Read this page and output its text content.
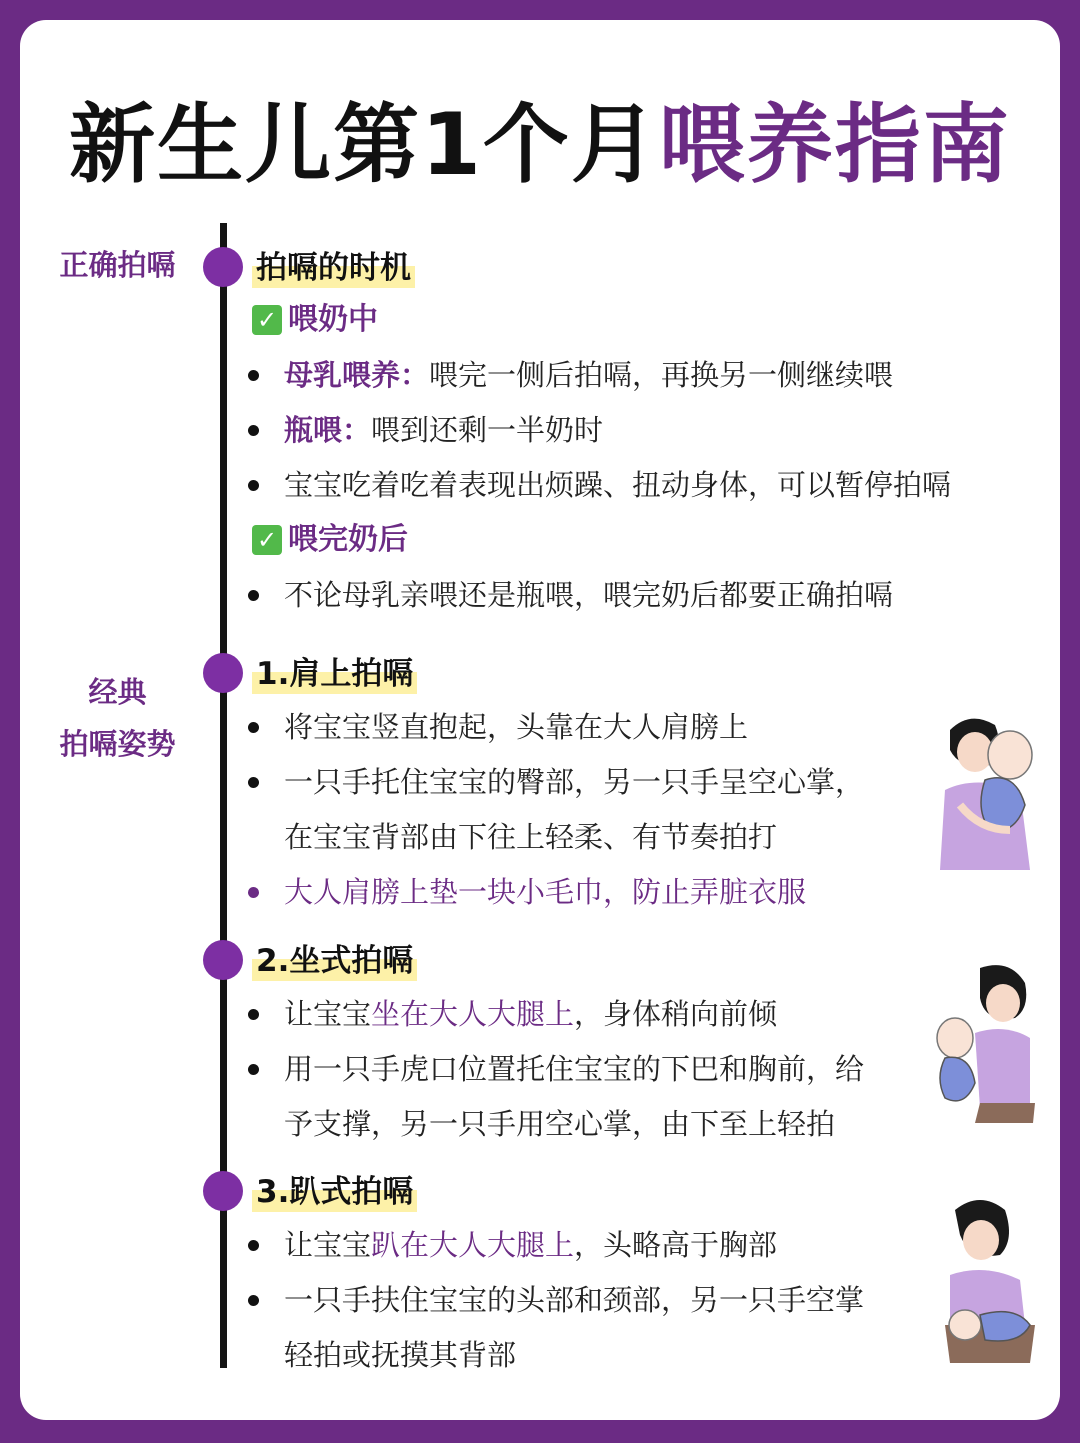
新生儿第1个月喂养指南
正确拍嗝
经典
拍嗝姿势
拍嗝的时机
✓ 喂奶中
母乳喂养：喂完一侧后拍嗝，再换另一侧继续喂
瓶喂：喂到还剩一半奶时
宝宝吃着吃着表现出烦躁、扭动身体，可以暂停拍嗝
✓ 喂完奶后
不论母乳亲喂还是瓶喂，喂完奶后都要正确拍嗝
1.肩上拍嗝
将宝宝竖直抱起，头靠在大人肩膀上
一只手托住宝宝的臀部，另一只手呈空心掌，
在宝宝背部由下往上轻柔、有节奏拍打
大人肩膀上垫一块小毛巾，防止弄脏衣服
2.坐式拍嗝
让宝宝坐在大人大腿上，身体稍向前倾
用一只手虎口位置托住宝宝的下巴和胸前，给
予支撑，另一只手用空心掌，由下至上轻拍
3.趴式拍嗝
让宝宝趴在大人大腿上，头略高于胸部
一只手扶住宝宝的头部和颈部，另一只手空掌
轻拍或抚摸其背部
